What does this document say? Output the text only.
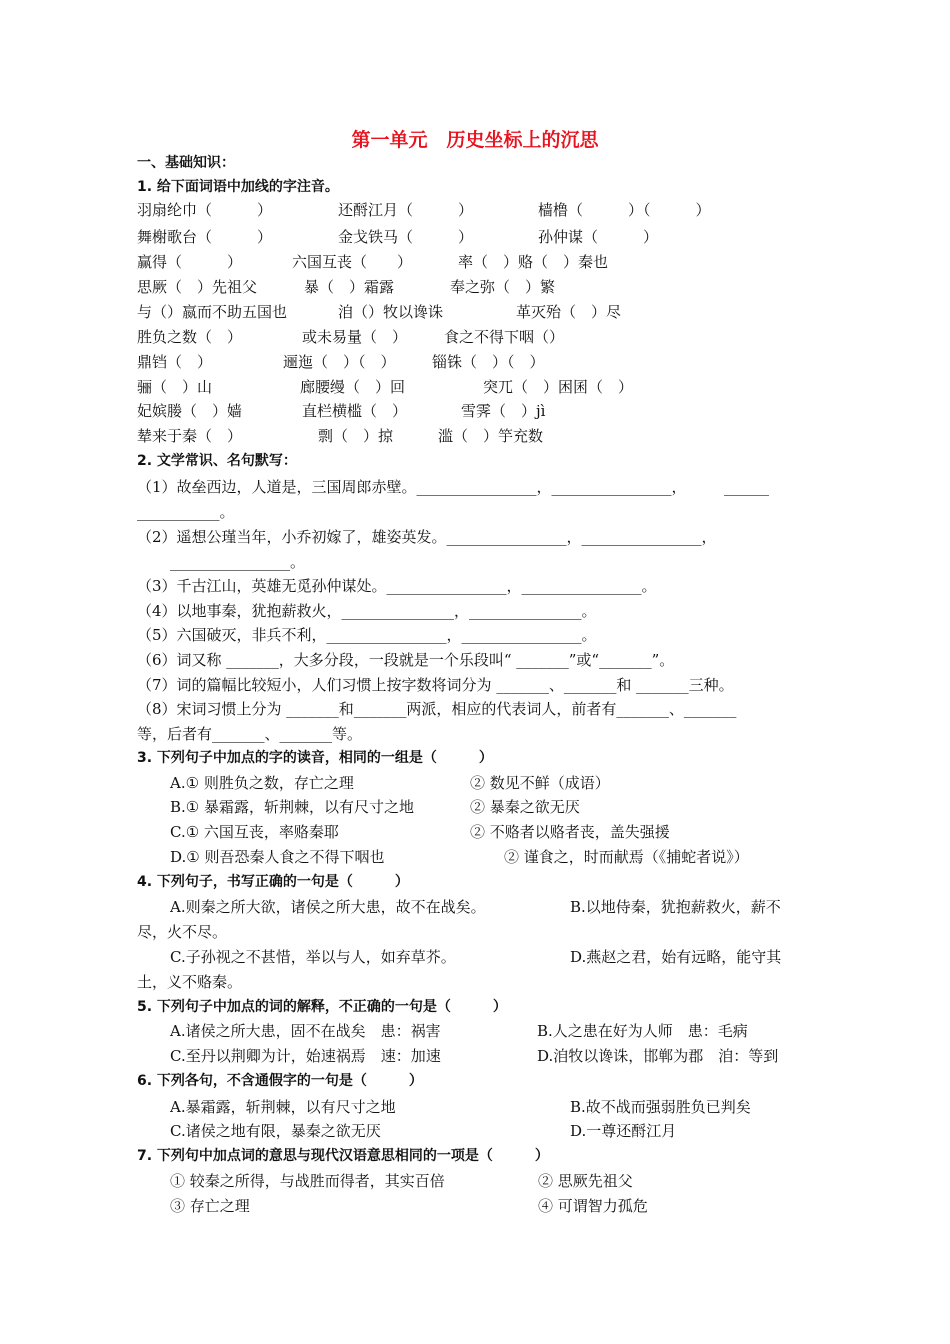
第一单元　历史坐标上的沉思
一、基础知识：
1. 给下面词语中加线的字注音。
羽扇纶巾（　　　）	还酹江月（　　　）	樯橹（　　　）（　　　）
舞榭歌台（　　　）	金戈铁马（　　　）	孙仲谋（　　　）
赢得（　　　）	六国互丧（　　）	率（　）赂（　）秦也
思厥（　）先祖父	暴（　）霜露	奉之弥（　）繁
与（）嬴而不助五国也	洎（）牧以谗诛	革灭殆（　）尽
胜负之数（　）	或未易量（　） 食之不得下咽（）
鼎铛（　）	逦迤（　）（　） 锱铢（　）（　）
骊（　）山	廊腰缦（　）回	突兀（　）困囷（　）
妃嫔媵（　）嫱	直栏横槛（　）	雪霁（　）jì
辇来于秦（　）	剽（　）掠	滥（　）竽充数
2. 文学常识、名句默写：
（1）故垒西边，人道是，三国周郎赤壁。________________，________________，　　　______
___________。
（2）遥想公瑾当年，小乔初嫁了，雄姿英发。________________，________________，
________________。
（3）千古江山，英雄无觅孙仲谋处。________________，________________。
（4）以地事秦，犹抱薪救火，_______________，_______________。
（5）六国破灭，非兵不利，________________，________________。
（6）词又称 _______，大多分段，一段就是一个乐段叫“ _______”或“_______”。
（7）词的篇幅比较短小，人们习惯上按字数将词分为 _______、_______和 _______三种。
（8）宋词习惯上分为 _______和_______两派，相应的代表词人，前者有_______、_______
等，后者有_______、_______等。
3. 下列句子中加点的字的读音，相同的一组是（　　　）
A.① 则胜负之数，存亡之理	② 数见不鲜（成语）
B.① 暴霜露，斩荆棘，以有尺寸之地	② 暴秦之欲无厌
C.① 六国互丧，率赂秦耶	② 不赂者以赂者丧，盖失强援
D.① 则吾恐秦人食之不得下咽也	② 谨食之，时而献焉（《捕蛇者说》）
4. 下列句子，书写正确的一句是（　　　）
A.则秦之所大欲，诸侯之所大患，故不在战矣。	B.以地侍秦，犹抱薪救火，薪不
尽，火不尽。
C.子孙视之不甚惜，举以与人，如弃草芥。	D.燕赵之君，始有远略，能守其
土，义不赂秦。
5. 下列句子中加点的词的解释，不正确的一句是（　　　）
A.诸侯之所大患，固不在战矣　患：祸害	B.人之患在好为人师　患：毛病
C.至丹以荆卿为计，始速祸焉　速：加速	D.洎牧以谗诛，邯郸为郡　洎：等到
6. 下列各句，不含通假字的一句是（　　　）
A.暴霜露，斩荆棘，以有尺寸之地	B.故不战而强弱胜负已判矣
C.诸侯之地有限，暴秦之欲无厌	D.一尊还酹江月
7. 下列句中加点词的意思与现代汉语意思相同的一项是（　　　）
① 较秦之所得，与战胜而得者，其实百倍	② 思厥先祖父
③ 存亡之理	④ 可谓智力孤危
